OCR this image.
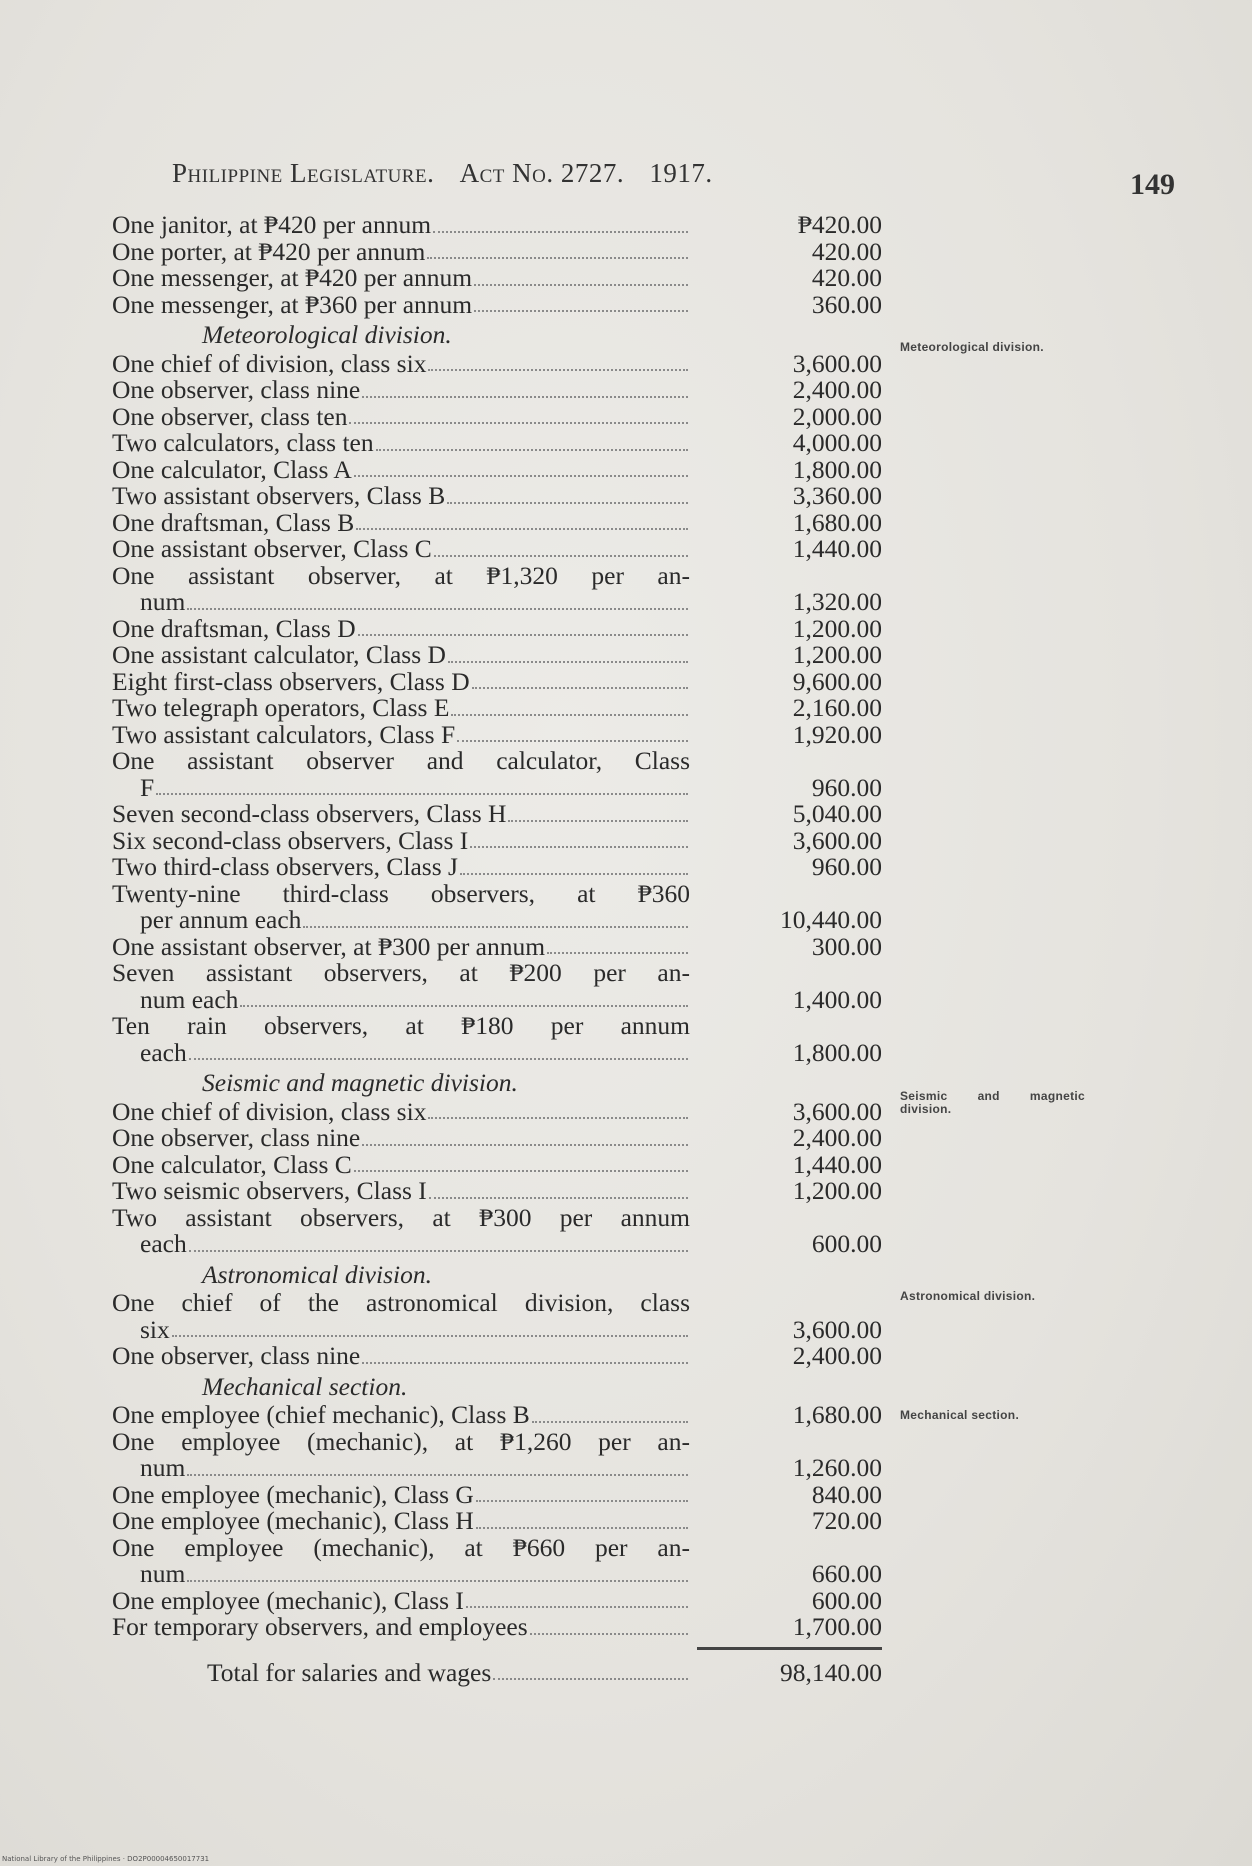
Philippine Legislature. Act No. 2727. 1917.	149
One janitor, at ₱420 per annum	₱420.00
One porter, at ₱420 per annum	420.00
One messenger, at ₱420 per annum	420.00
One messenger, at ₱360 per annum	360.00
Meteorological division.
One chief of division, class six	3,600.00
One observer, class nine	2,400.00
One observer, class ten	2,000.00
Two calculators, class ten	4,000.00
One calculator, Class A	1,800.00
Two assistant observers, Class B	3,360.00
One draftsman, Class B	1,680.00
One assistant observer, Class C	1,440.00
One assistant observer, at ₱1,320 per an-
num	1,320.00
One draftsman, Class D	1,200.00
One assistant calculator, Class D	1,200.00
Eight first-class observers, Class D	9,600.00
Two telegraph operators, Class E	2,160.00
Two assistant calculators, Class F	1,920.00
One assistant observer and calculator, Class
F	960.00
Seven second-class observers, Class H	5,040.00
Six second-class observers, Class I	3,600.00
Two third-class observers, Class J	960.00
Twenty-nine third-class observers, at ₱360
per annum each	10,440.00
One assistant observer, at ₱300 per annum	300.00
Seven assistant observers, at ₱200 per an-
num each	1,400.00
Ten rain observers, at ₱180 per annum
each	1,800.00
Seismic and magnetic division.
One chief of division, class six	3,600.00
One observer, class nine	2,400.00
One calculator, Class C	1,440.00
Two seismic observers, Class I	1,200.00
Two assistant observers, at ₱300 per annum
each	600.00
Astronomical division.
One chief of the astronomical division, class
six	3,600.00
One observer, class nine	2,400.00
Mechanical section.
One employee (chief mechanic), Class B	1,680.00
One employee (mechanic), at ₱1,260 per an-
num	1,260.00
One employee (mechanic), Class G	840.00
One employee (mechanic), Class H	720.00
One employee (mechanic), at ₱660 per an-
num	660.00
One employee (mechanic), Class I	600.00
For temporary observers, and employees	1,700.00
Total for salaries and wages	98,140.00
Meteorological division.
Seismic and magnetic division.
Astronomical division.
Mechanical section.
National Library of the Philippines · DO2P00004650017731
